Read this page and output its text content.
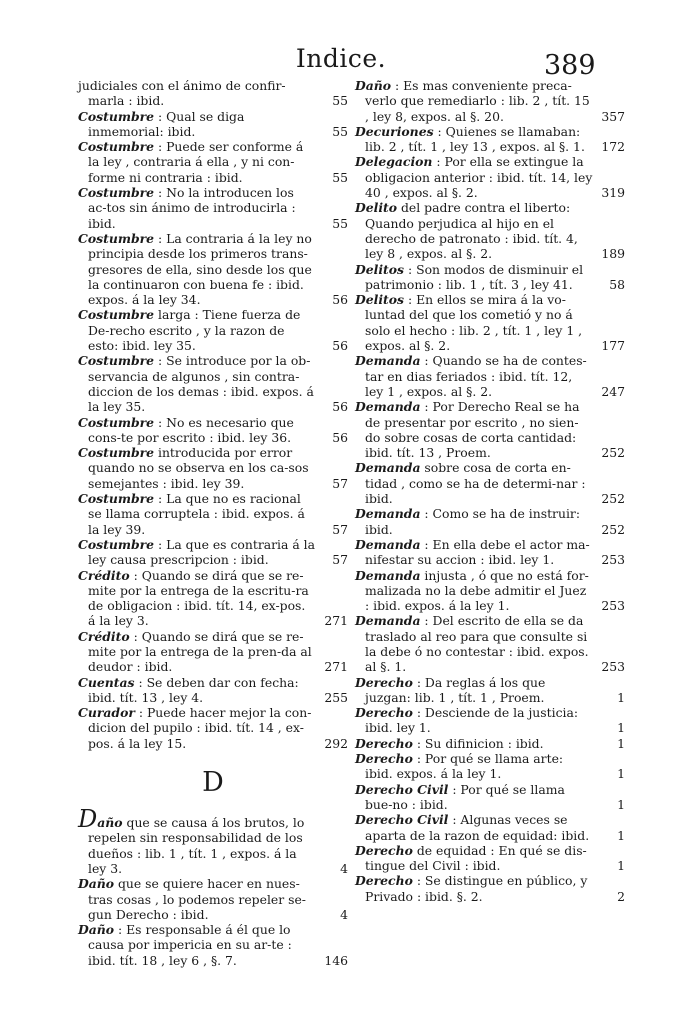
Indice.	389
judiciales con el ánimo de confir-marla : ibid.	55
Costumbre : Qual se diga inmemorial: ibid.	55
Costumbre : Puede ser conforme á la ley , contraria á ella , y ni con-forme ni contraria : ibid.	55
Costumbre : No la introducen los ac-tos sin ánimo de introducirla : ibid.	55
Costumbre : La contraria á la ley no principia desde los primeros trans-gresores de ella, sino desde los que la continuaron con buena fe : ibid. expos. á la ley 34.	56
Costumbre larga : Tiene fuerza de De-recho escrito , y la razon de esto: ibid. ley 35.	56
Costumbre : Se introduce por la ob-servancia de algunos , sin contra-diccion de los demas : ibid. expos. á la ley 35.	56
Costumbre : No es necesario que cons-te por escrito : ibid. ley 36.	56
Costumbre introducida por error quando no se observa en los ca-sos semejantes : ibid. ley 39.	57
Costumbre : La que no es racional se llama corruptela : ibid. expos. á la ley 39.	57
Costumbre : La que es contraria á la ley causa prescripcion : ibid.	57
Crédito : Quando se dirá que se re-mite por la entrega de la escritu-ra de obligacion : ibid. tít. 14, ex-pos. á la ley 3.	271
Crédito : Quando se dirá que se re-mite por la entrega de la pren-da al deudor : ibid.	271
Cuentas : Se deben dar con fecha: ibid. tít. 13 , ley 4.	255
Curador : Puede hacer mejor la con-dicion del pupilo : ibid. tít. 14 , ex-pos. á la ley 15.	292
D
Daño que se causa á los brutos, lo repelen sin responsabilidad de los dueños : lib. 1 , tít. 1 , expos. á la ley 3.	4
Daño que se quiere hacer en nues-tras cosas , lo podemos repeler se-gun Derecho : ibid.	4
Daño : Es responsable á él que lo causa por impericia en su ar-te : ibid. tít. 18 , ley 6 , §. 7.	146
Daño : Es mas conveniente preca-verlo que remediarlo : lib. 2 , tít. 15 , ley 8, expos. al §. 20.	357
Decuriones : Quienes se llamaban: lib. 2 , tít. 1 , ley 13 , expos. al §. 1. 172
Delegacion : Por ella se extingue la obligacion anterior : ibid. tít. 14, ley 40 , expos. al §. 2.	319
Delito del padre contra el liberto: Quando perjudica al hijo en el derecho de patronato : ibid. tít. 4, ley 8 , expos. al §. 2.	189
Delitos : Son modos de disminuir el patrimonio : lib. 1 , tít. 3 , ley 41.	58
Delitos : En ellos se mira á la vo-luntad del que los cometió y no á solo el hecho : lib. 2 , tít. 1 , ley 1 , expos. al §. 2.	177
Demanda : Quando se ha de contes-tar en dias feriados : ibid. tít. 12, ley 1 , expos. al §. 2.	247
Demanda : Por Derecho Real se ha de presentar por escrito , no sien-do sobre cosas de corta cantidad: ibid. tít. 13 , Proem.	252
Demanda sobre cosa de corta en-tidad , como se ha de determi-nar : ibid.	252
Demanda : Como se ha de instruir: ibid.	252
Demanda : En ella debe el actor ma-nifestar su accion : ibid. ley 1.	253
Demanda injusta , ó que no está for-malizada no la debe admitir el Juez : ibid. expos. á la ley 1.	253
Demanda : Del escrito de ella se da traslado al reo para que consulte si la debe ó no contestar : ibid. expos. al §. 1.	253
Derecho : Da reglas á los que juzgan: lib. 1 , tít. 1 , Proem.	1
Derecho : Desciende de la justicia: ibid. ley 1.	1
Derecho : Su difinicion : ibid.	1
Derecho : Por qué se llama arte: ibid. expos. á la ley 1.	1
Derecho Civil : Por qué se llama bue-no : ibid.	1
Derecho Civil : Algunas veces se aparta de la razon de equidad: ibid. 1
Derecho de equidad : En qué se dis-tingue del Civil : ibid.	1
Derecho : Se distingue en público, y Privado : ibid. §. 2.	2
